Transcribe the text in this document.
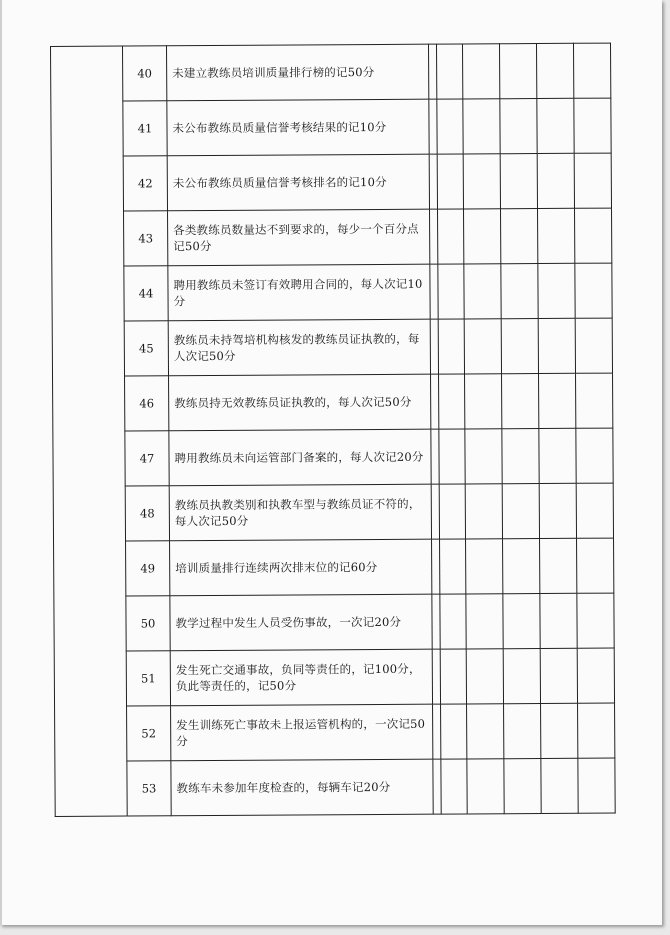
	40	未建立教练员培训质量排行榜的记50分						
	41	未公布教练员质量信誉考核结果的记10分						
	42	未公布教练员质量信誉考核排名的记10分						
	43	各类教练员数量达不到要求的，每少一个百分点记50分						
	44	聘用教练员未签订有效聘用合同的，每人次记10分						
	45	教练员未持驾培机构核发的教练员证执教的，每人次记50分						
	46	教练员持无效教练员证执教的，每人次记50分						
	47	聘用教练员未向运管部门备案的，每人次记20分						
	48	教练员执教类别和执教车型与教练员证不符的，每人次记50分						
	49	培训质量排行连续两次排末位的记60分						
	50	教学过程中发生人员受伤事故，一次记20分						
	51	发生死亡交通事故，负同等责任的，记100分，负此等责任的，记50分						
	52	发生训练死亡事故未上报运管机构的，一次记50分						
	53	教练车未参加年度检查的，每辆车记20分						
